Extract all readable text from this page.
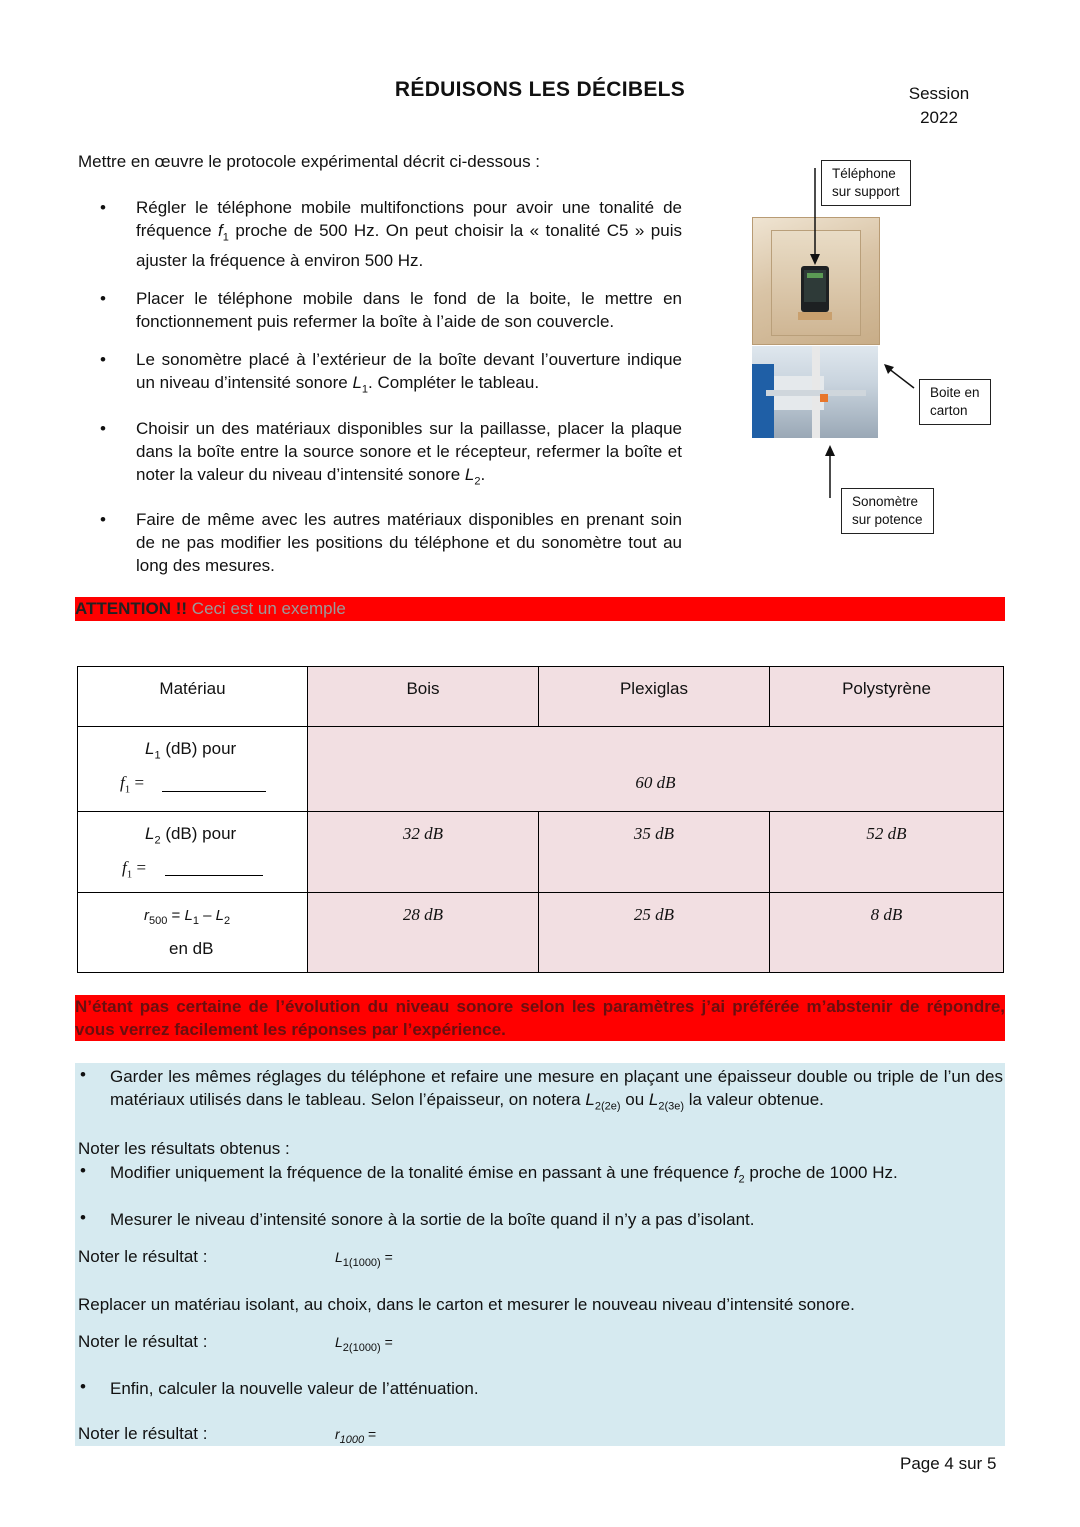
RÉDUISONS LES DÉCIBELS	Session
2022
Mettre en œuvre le protocole expérimental décrit ci-dessous :
• Régler le téléphone mobile multifonctions pour avoir une tonalité de fréquence $f_1$ proche de 500 Hz. On peut choisir la « tonalité C5 » puis ajuster la fréquence à environ 500 Hz.
• Placer le téléphone mobile dans le fond de la boite, le mettre en fonctionnement puis refermer la boîte à l’aide de son couvercle.
• Le sonomètre placé à l’extérieur de la boîte devant l’ouverture indique un niveau d’intensité sonore $L_1$. Compléter le tableau.
• Choisir un des matériaux disponibles sur la paillasse, placer la plaque dans la boîte entre la source sonore et le récepteur, refermer la boîte et noter la valeur du niveau d’intensité sonore $L_2$.
• Faire de même avec les autres matériaux disponibles en prenant soin de ne pas modifier les positions du téléphone et du sonomètre tout au long des mesures.
Téléphone
sur support
Boite en
carton
Sonomètre
sur potence
ATTENTION !! Ceci est un exemple
Matériau	Bois	Plexiglas	Polystyrène

$L_1$ (dB) pour
$f_1$ =	60 dB		

$L_2$ (dB) pour
$f_1$ =	32 dB	35 dB	52 dB

$r_{500} = L_1 - L_2$
en dB	28 dB	25 dB	8 dB
N’étant pas certaine de l’évolution du niveau sonore selon les paramètres j’ai préférée m’abstenir de répondre, vous verrez facilement les réponses par l’expérience.
• Garder les mêmes réglages du téléphone et refaire une mesure en plaçant une épaisseur double ou triple de l’un des matériaux utilisés dans le tableau. Selon l’épaisseur, on notera $L_{2(2e)}$ ou $L_{2(3e)}$ la valeur obtenue.
Noter les résultats obtenus :
• Modifier uniquement la fréquence de la tonalité émise en passant à une fréquence $f_2$ proche de 1000 Hz.
• Mesurer le niveau d’intensité sonore à la sortie de la boîte quand il n’y a pas d’isolant.
Noter le résultat :	$L_{1(1000)}$ =
Replacer un matériau isolant, au choix, dans le carton et mesurer le nouveau niveau d’intensité sonore.
Noter le résultat :	$L_{2(1000)}$ =
• Enfin, calculer la nouvelle valeur de l’atténuation.
Noter le résultat :	$r_{1000}$ =
Page 4 sur 5
